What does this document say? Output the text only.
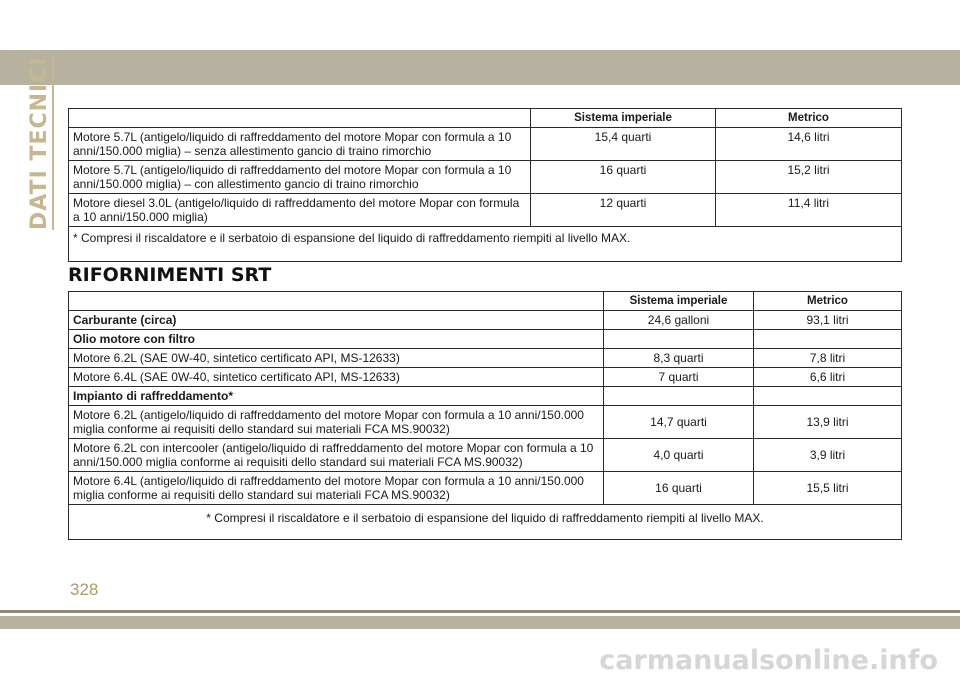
DATI TECNICI
		Sistema imperiale	Metrico
Motore 5.7L (antigelo/liquido di raffreddamento del motore Mopar con formula a 10 anni/150.000 miglia) – senza allestimento gancio di traino rimorchio	15,4 quarti	14,6 litri
Motore 5.7L (antigelo/liquido di raffreddamento del motore Mopar con formula a 10 anni/150.000 miglia) – con allestimento gancio di traino rimorchio	16 quarti	15,2 litri
Motore diesel 3.0L (antigelo/liquido di raffreddamento del motore Mopar con formula a 10 anni/150.000 miglia)	12 quarti	11,4 litri
* Compresi il riscaldatore e il serbatoio di espansione del liquido di raffreddamento riempiti al livello MAX.		
RIFORNIMENTI SRT
	Sistema imperiale	Metrico
Carburante (circa)	24,6 galloni	93,1 litri
Olio motore con filtro		
Motore 6.2L (SAE 0W-40, sintetico certificato API, MS-12633)	8,3 quarti	7,8 litri
Motore 6.4L (SAE 0W-40, sintetico certificato API, MS-12633)	7 quarti	6,6 litri
Impianto di raffreddamento*		
Motore 6.2L (antigelo/liquido di raffreddamento del motore Mopar con formula a 10 anni/150.000 miglia conforme ai requisiti dello standard sui materiali FCA MS.90032)	14,7 quarti	13,9 litri
Motore 6.2L con intercooler (antigelo/liquido di raffreddamento del motore Mopar con formula a 10 anni/150.000 miglia conforme ai requisiti dello standard sui materiali FCA MS.90032)	4,0 quarti	3,9 litri
Motore 6.4L (antigelo/liquido di raffreddamento del motore Mopar con formula a 10 anni/150.000 miglia conforme ai requisiti dello standard sui materiali FCA MS.90032)	16 quarti	15,5 litri
* Compresi il riscaldatore e il serbatoio di espansione del liquido di raffreddamento riempiti al livello MAX.		
328
carmanualsonline.info
